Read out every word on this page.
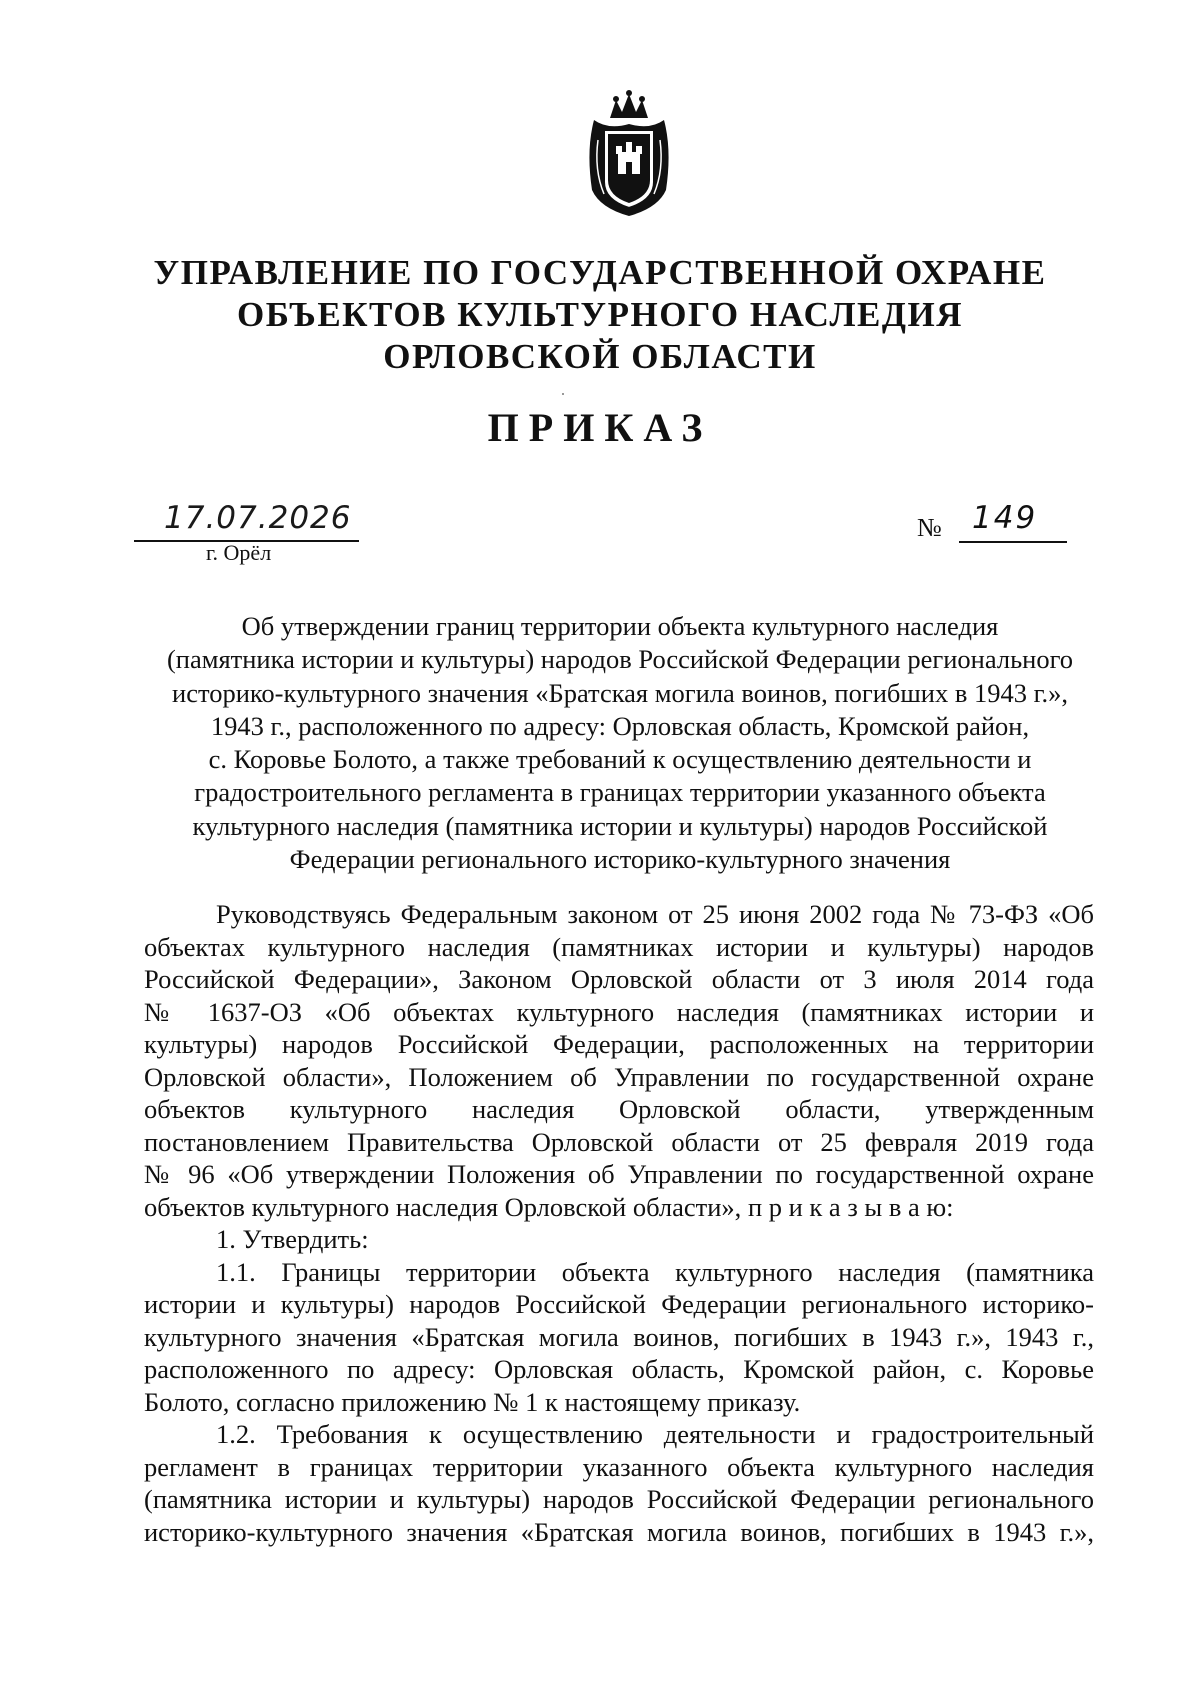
УПРАВЛЕНИЕ ПО ГОСУДАРСТВЕННОЙ ОХРАНЕ
ОБЪЕКТОВ КУЛЬТУРНОГО НАСЛЕДИЯ
ОРЛОВСКОЙ ОБЛАСТИ
ПРИКАЗ
17.07.2026
г. Орёл
№ 149
Об утверждении границ территории объекта культурного наследия
(памятника истории и культуры) народов Российской Федерации регионального
историко-культурного значения «Братская могила воинов, погибших в 1943 г.»,
1943 г., расположенного по адресу: Орловская область, Кромской район,
с. Коровье Болото, а также требований к осуществлению деятельности и
градостроительного регламента в границах территории указанного объекта
культурного наследия (памятника истории и культуры) народов Российской
Федерации регионального историко-культурного значения
Руководствуясь Федеральным законом от 25 июня 2002 года № 73-ФЗ «Об
объектах культурного наследия (памятниках истории и культуры) народов
Российской Федерации», Законом Орловской области от 3 июля 2014 года
№ 1637-ОЗ «Об объектах культурного наследия (памятниках истории и
культуры) народов Российской Федерации, расположенных на территории
Орловской области», Положением об Управлении по государственной охране
объектов культурного наследия Орловской области, утвержденным
постановлением Правительства Орловской области от 25 февраля 2019 года
№ 96 «Об утверждении Положения об Управлении по государственной охране
объектов культурного наследия Орловской области», п р и к а з ы в а ю:
1. Утвердить:
1.1. Границы территории объекта культурного наследия (памятника
истории и культуры) народов Российской Федерации регионального историко-
культурного значения «Братская могила воинов, погибших в 1943 г.», 1943 г.,
расположенного по адресу: Орловская область, Кромской район, с. Коровье
Болото, согласно приложению № 1 к настоящему приказу.
1.2. Требования к осуществлению деятельности и градостроительный
регламент в границах территории указанного объекта культурного наследия
(памятника истории и культуры) народов Российской Федерации регионального
историко-культурного значения «Братская могила воинов, погибших в 1943 г.»,
